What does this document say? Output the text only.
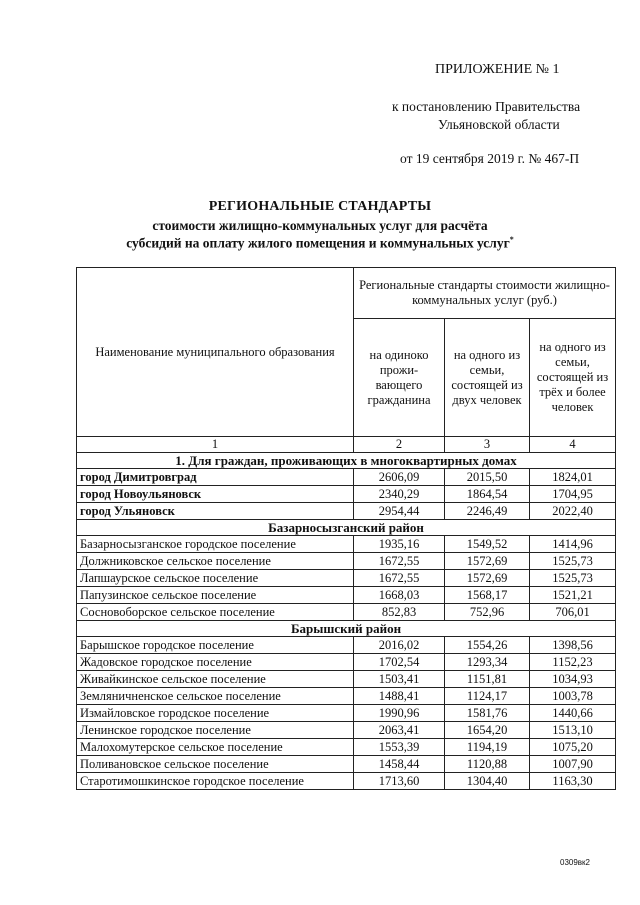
ПРИЛОЖЕНИЕ № 1
к постановлению Правительства
Ульяновской области
от 19 сентября 2019 г. № 467-П
РЕГИОНАЛЬНЫЕ СТАНДАРТЫ
стоимости жилищно-коммунальных услуг для расчёта
субсидий на оплату жилого помещения и коммунальных услуг*
Наименование муниципального образования	Региональные стандарты стоимости жилищно-коммунальных услуг (руб.)		
	на одиноко прожи-вающего гражданина	на одного из семьи, состоящей из двух человек	на одного из семьи, состоящей из трёх и более человек
1	2	3	4
1. Для граждан, проживающих в многоквартирных домах			
город Димитровград	2606,09	2015,50	1824,01
город Новоульяновск	2340,29	1864,54	1704,95
город Ульяновск	2954,44	2246,49	2022,40
Базарносызганский район			
Базарносызганское городское поселение	1935,16	1549,52	1414,96
Должниковское сельское поселение	1672,55	1572,69	1525,73
Лапшаурское сельское поселение	1672,55	1572,69	1525,73
Папузинское сельское поселение	1668,03	1568,17	1521,21
Сосновоборское сельское поселение	852,83	752,96	706,01
Барышский район			
Барышское городское поселение	2016,02	1554,26	1398,56
Жадовское городское поселение	1702,54	1293,34	1152,23
Живайкинское сельское поселение	1503,41	1151,81	1034,93
Земляничненское сельское поселение	1488,41	1124,17	1003,78
Измайловское городское поселение	1990,96	1581,76	1440,66
Ленинское городское поселение	2063,41	1654,20	1513,10
Малохомутерское сельское поселение	1553,39	1194,19	1075,20
Поливановское сельское поселение	1458,44	1120,88	1007,90
Старотимошкинское городское поселение	1713,60	1304,40	1163,30
0309вк2
